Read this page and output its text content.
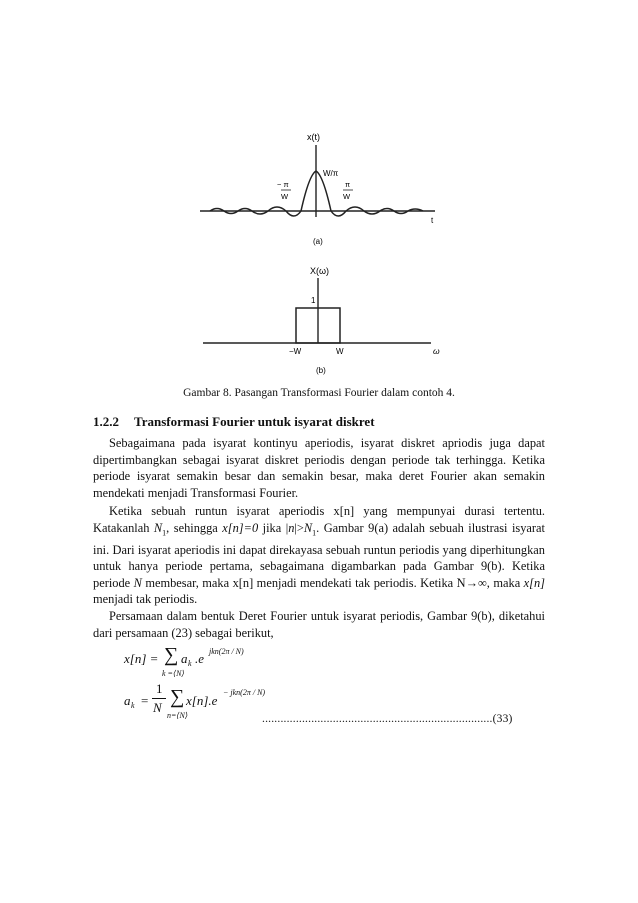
x(t)
W/π
− π
W
π
W
t
(a)
X(ω)
1
−W	W	ω
(b)
Gambar 8. Pasangan Transformasi Fourier dalam contoh 4.
1.2.2 Transformasi Fourier untuk isyarat diskret
Sebagaimana pada isyarat kontinyu aperiodis, isyarat diskret apriodis juga dapat dipertimbangkan sebagai isyarat diskret periodis dengan periode tak terhingga. Ketika periode isyarat semakin besar dan semakin besar, maka deret Fourier akan semakin mendekati menjadi Transformasi Fourier.
Ketika sebuah runtun isyarat aperiodis x[n] yang mempunyai durasi tertentu. Katakanlah $N_1$, sehingga x[n]=0 jika $|n|>N_1$. Gambar 9(a) adalah sebuah ilustrasi isyarat ini. Dari isyarat aperiodis ini dapat direkayasa sebuah runtun periodis yang diperhitungkan untuk hanya periode pertama, sebagaimana digambarkan pada Gambar 9(b). Ketika periode N membesar, maka x[n] menjadi mendekati tak periodis. Ketika N→∞, maka x[n] menjadi tak periodis.
Persamaan dalam bentuk Deret Fourier untuk isyarat periodis, Gambar 9(b), diketahui dari persamaan (23) sebagai berikut,
x[n] = ∑
k =⟨N⟩
a k .e jkn(2π / N)
a k =
1
N ∑
n=⟨N⟩
x[n].e
− jkn(2π / N)
...........................................................................(33)
